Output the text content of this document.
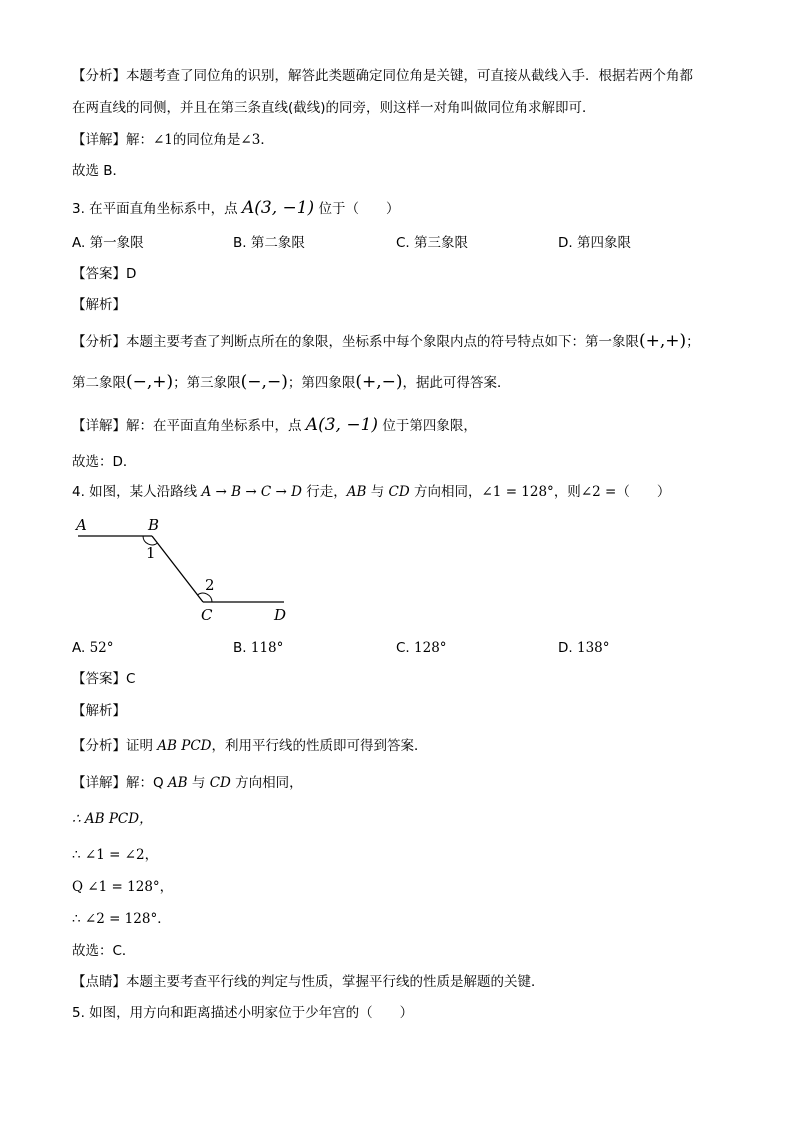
【分析】本题考查了同位角的识别，解答此类题确定同位角是关键，可直接从截线入手．根据若两个角都
在两直线的同侧，并且在第三条直线(截线)的同旁，则这样一对角叫做同位角求解即可．
【详解】解：∠1的同位角是∠3．
故选 B．
3. 在平面直角坐标系中，点 A(3, −1) 位于（　　）
A. 第一象限	B. 第二象限	C. 第三象限	D. 第四象限
【答案】D
【解析】
【分析】本题主要考查了判断点所在的象限，坐标系中每个象限内点的符号特点如下：第一象限(+,+)；
第二象限(−,+)；第三象限(−,−)；第四象限(+,−)，据此可得答案．
【详解】解：在平面直角坐标系中，点 A(3, −1) 位于第四象限，
故选：D．
4. 如图，某人沿路线 A → B → C → D 行走，AB 与 CD 方向相同，∠1 = 128°，则∠2 =（　　）
A	B
1
2
C	D
A. 52°	B. 118°	C. 128°	D. 138°
【答案】C
【解析】
【分析】证明 AB PCD，利用平行线的性质即可得到答案．
【详解】解：Q AB 与 CD 方向相同，
∴ AB PCD，
∴ ∠1 = ∠2，
Q ∠1 = 128°，
∴ ∠2 = 128°．
故选：C．
【点睛】本题主要考查平行线的判定与性质，掌握平行线的性质是解题的关键．
5. 如图，用方向和距离描述小明家位于少年宫的（　　）
